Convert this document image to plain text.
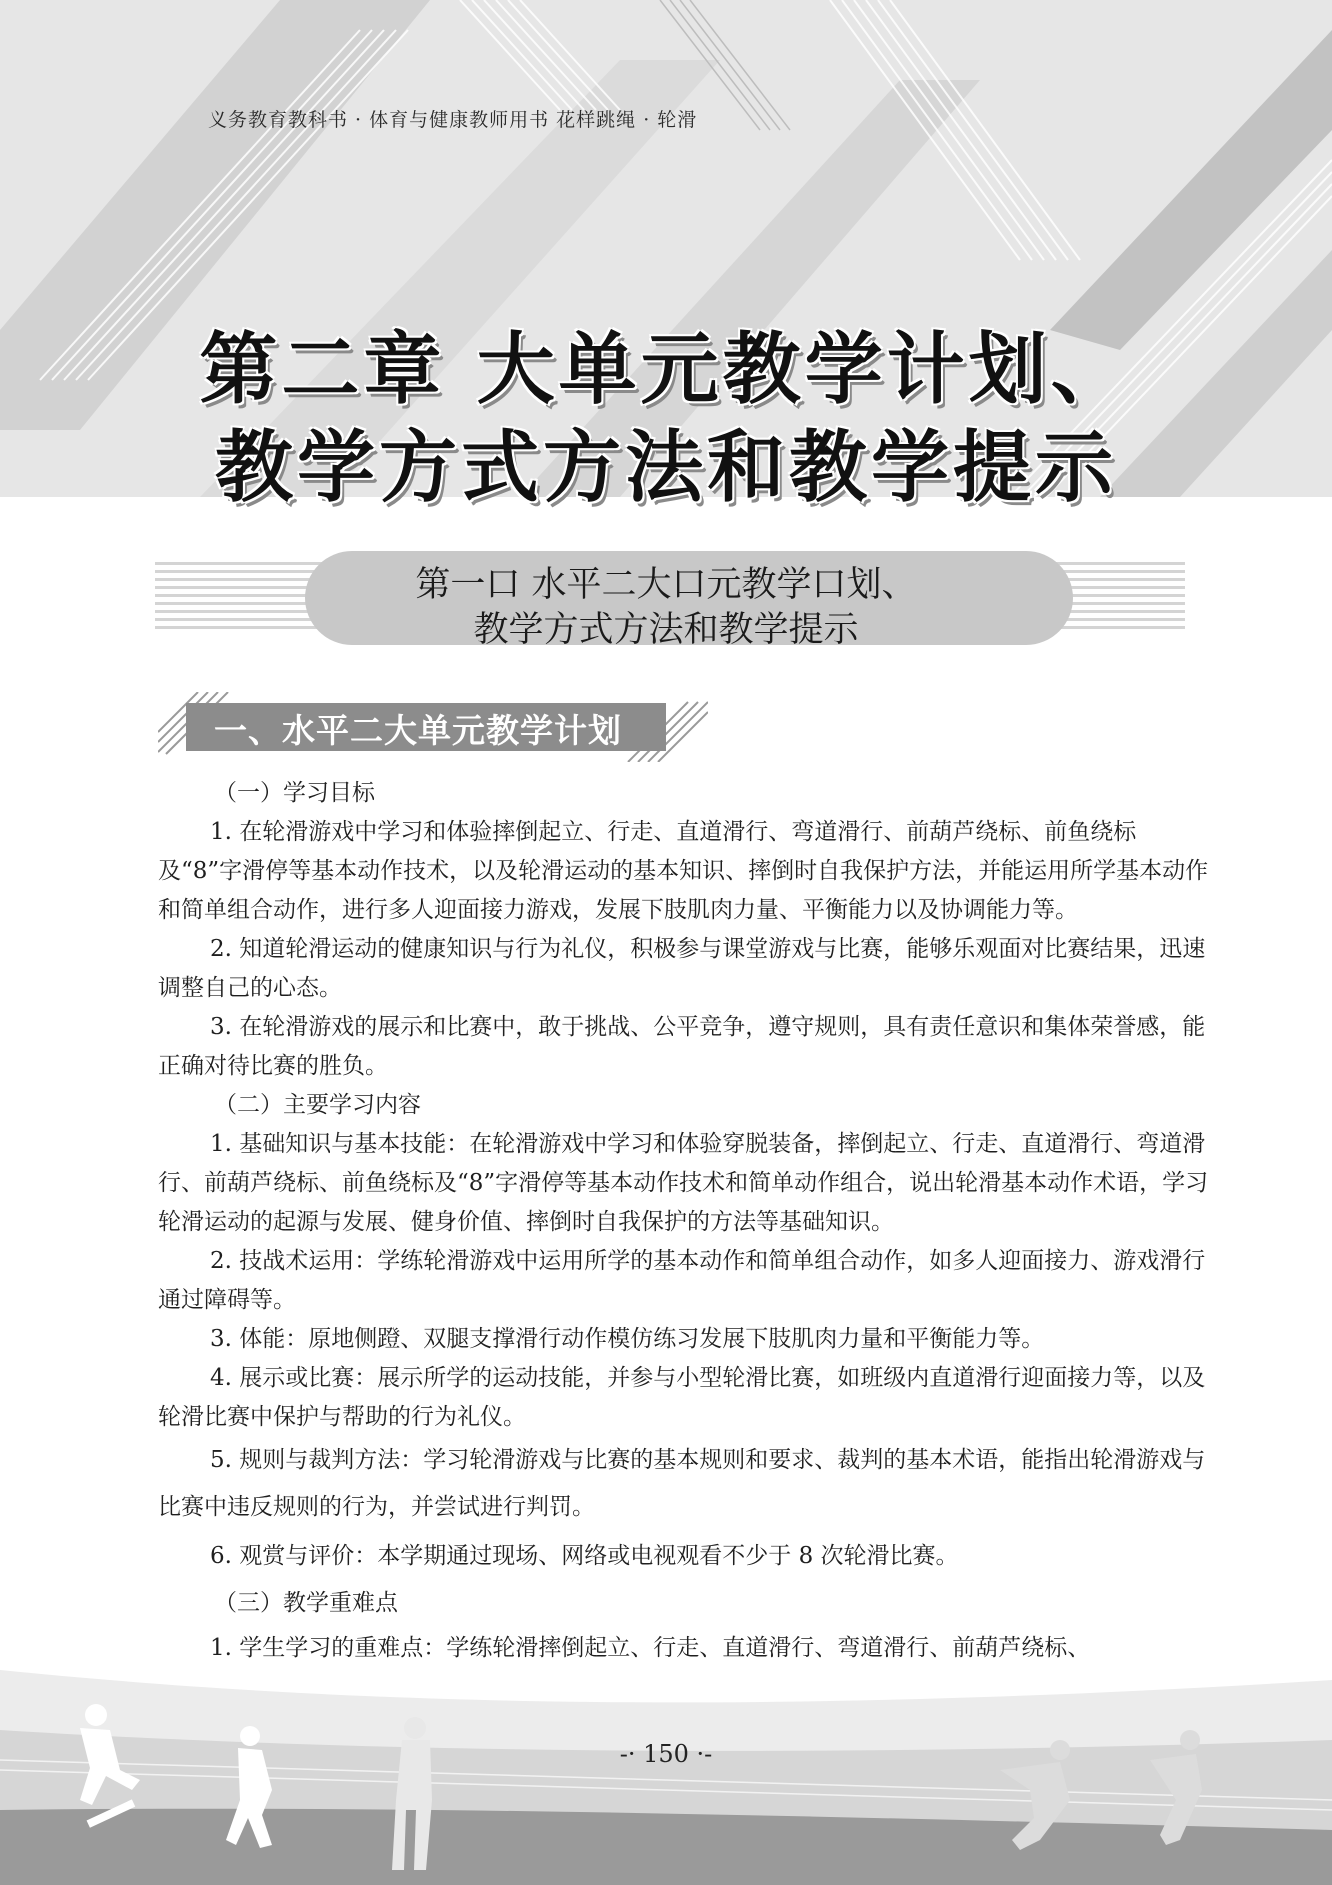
义务教育教科书 · 体育与健康教师用书 花样跳绳 · 轮滑
第二章 大单元教学计划、
教学方式方法和教学提示
第一口 水平二大口元教学口划、
教学方式方法和教学提示
一、水平二大单元教学计划

（一）学习目标

1. 在轮滑游戏中学习和体验摔倒起立、行走、直道滑行、弯道滑行、前葫芦绕标、前鱼绕标及“8”字滑停等基本动作技术，以及轮滑运动的基本知识、摔倒时自我保护方法，并能运用所学基本动作和简单组合动作，进行多人迎面接力游戏，发展下肢肌肉力量、平衡能力以及协调能力等。

2. 知道轮滑运动的健康知识与行为礼仪，积极参与课堂游戏与比赛，能够乐观面对比赛结果，迅速调整自己的心态。

3. 在轮滑游戏的展示和比赛中，敢于挑战、公平竞争，遵守规则，具有责任意识和集体荣誉感，能正确对待比赛的胜负。

（二）主要学习内容

1. 基础知识与基本技能：在轮滑游戏中学习和体验穿脱装备，摔倒起立、行走、直道滑行、弯道滑行、前葫芦绕标、前鱼绕标及“8”字滑停等基本动作技术和简单动作组合，说出轮滑基本动作术语，学习轮滑运动的起源与发展、健身价值、摔倒时自我保护的方法等基础知识。

2. 技战术运用：学练轮滑游戏中运用所学的基本动作和简单组合动作，如多人迎面接力、游戏滑行通过障碍等。

3. 体能：原地侧蹬、双腿支撑滑行动作模仿练习发展下肢肌肉力量和平衡能力等。

4. 展示或比赛：展示所学的运动技能，并参与小型轮滑比赛，如班级内直道滑行迎面接力等，以及轮滑比赛中保护与帮助的行为礼仪。

5. 规则与裁判方法：学习轮滑游戏与比赛的基本规则和要求、裁判的基本术语，能指出轮滑游戏与比赛中违反规则的行为，并尝试进行判罚。

6. 观赏与评价：本学期通过现场、网络或电视观看不少于 8 次轮滑比赛。

（三）教学重难点

1. 学生学习的重难点：学练轮滑摔倒起立、行走、直道滑行、弯道滑行、前葫芦绕标、

-· 150 ·-
